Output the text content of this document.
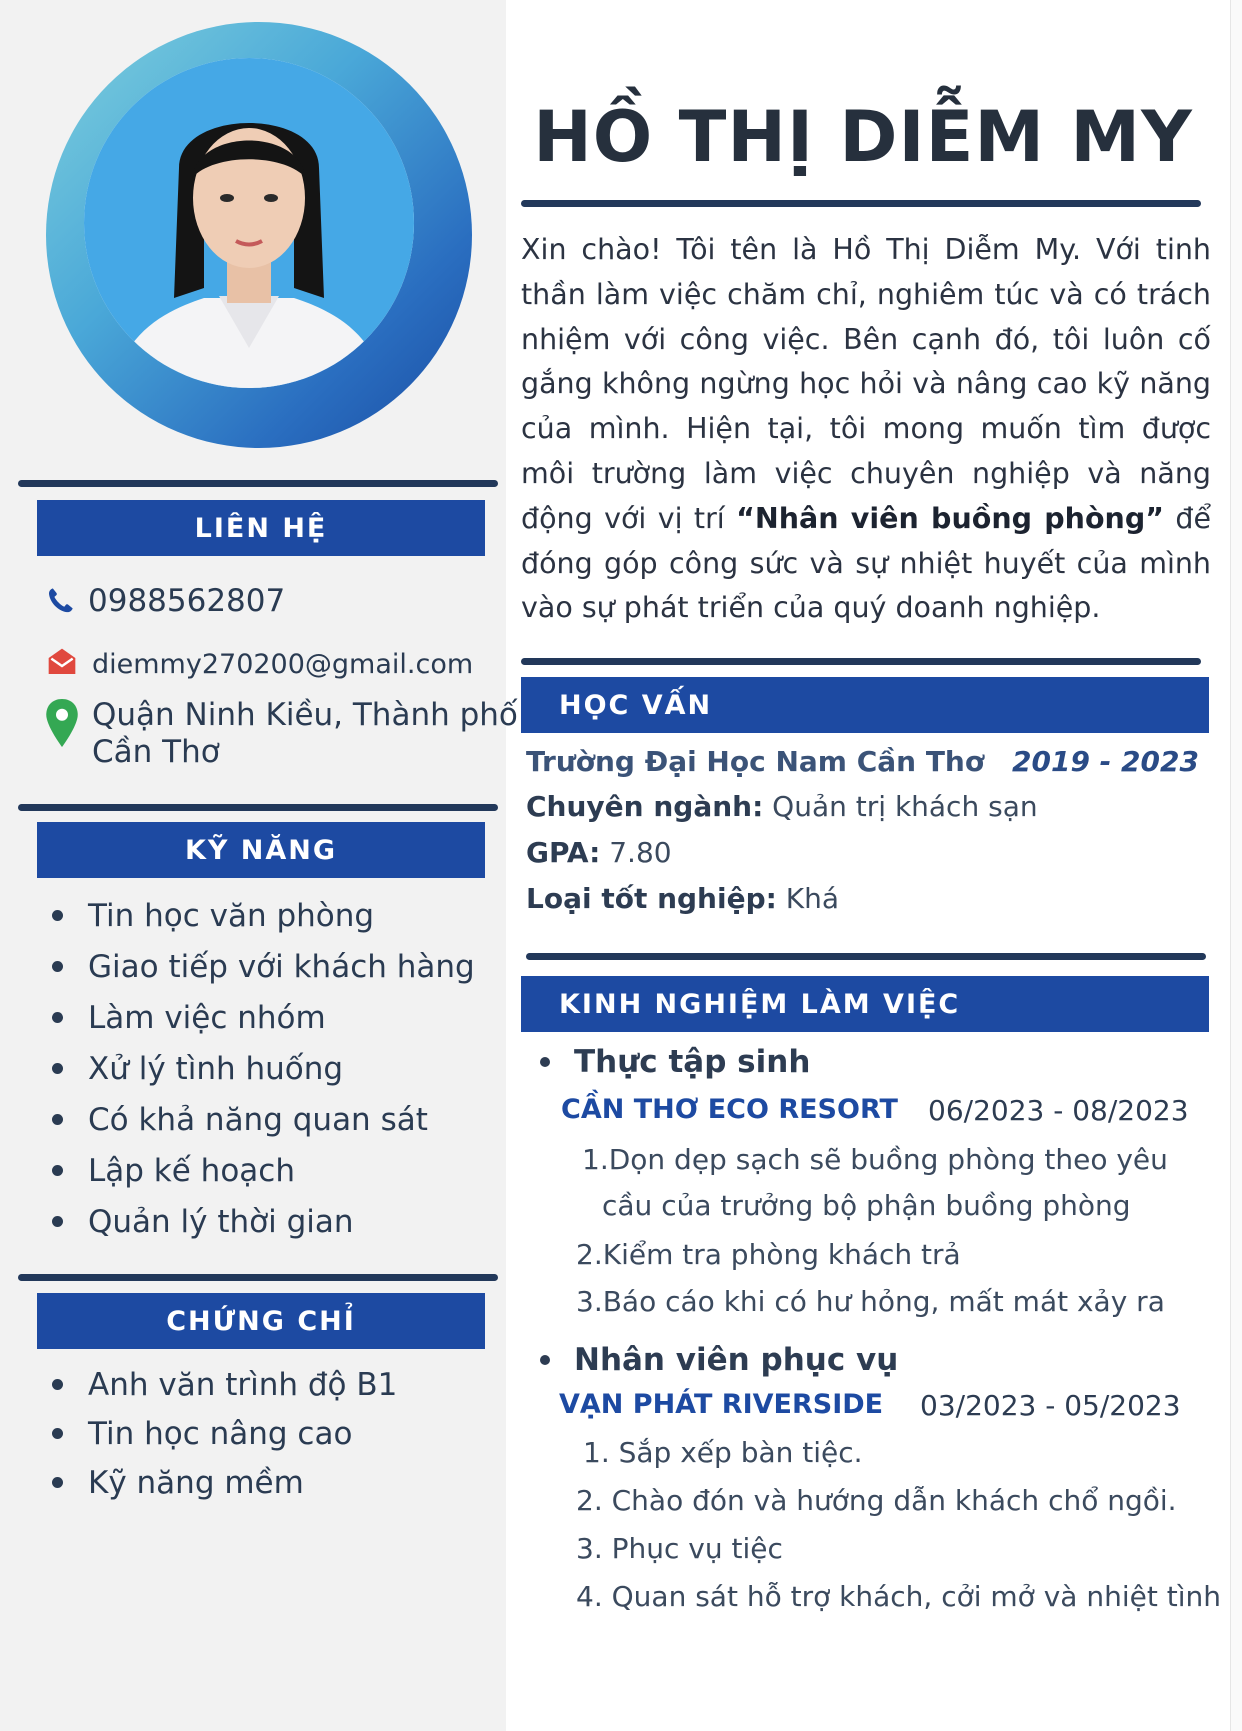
LIÊN HỆ
0988562807
diemmy270200@gmail.com
Quận Ninh Kiều, Thành phố
Cần Thơ
KỸ NĂNG
Tin học văn phòng
Giao tiếp với khách hàng
Làm việc nhóm
Xử lý tình huống
Có khả năng quan sát
Lập kế hoạch
Quản lý thời gian
CHỨNG CHỈ
Anh văn trình độ B1
Tin học nâng cao
Kỹ năng mềm
HỒ THỊ DIỄM MY
Xin chào! Tôi tên là Hồ Thị Diễm My. Với tinh thần làm việc chăm chỉ, nghiêm túc và có trách nhiệm với công việc. Bên cạnh đó, tôi luôn cố gắng không ngừng học hỏi và nâng cao kỹ năng của mình. Hiện tại, tôi mong muốn tìm được môi trường làm việc chuyên nghiệp và năng động với vị trí “Nhân viên buồng phòng” để đóng góp công sức và sự nhiệt huyết của mình vào sự phát triển của quý doanh nghiệp.
HỌC VẤN
Trường Đại Học Nam Cần Thơ 2019 - 2023
Chuyên ngành: Quản trị khách sạn
GPA: 7.80
Loại tốt nghiệp: Khá
KINH NGHIỆM LÀM VIỆC
Thực tập sinh
CẦN THƠ ECO RESORT 06/2023 - 08/2023
1.Dọn dẹp sạch sẽ buồng phòng theo yêu
cầu của trưởng bộ phận buồng phòng
2.Kiểm tra phòng khách trả
3.Báo cáo khi có hư hỏng, mất mát xảy ra
Nhân viên phục vụ
VẠN PHÁT RIVERSIDE 03/2023 - 05/2023
1. Sắp xếp bàn tiệc.
2. Chào đón và hướng dẫn khách chổ ngồi.
3. Phục vụ tiệc
4. Quan sát hỗ trợ khách, cởi mở và nhiệt tình
